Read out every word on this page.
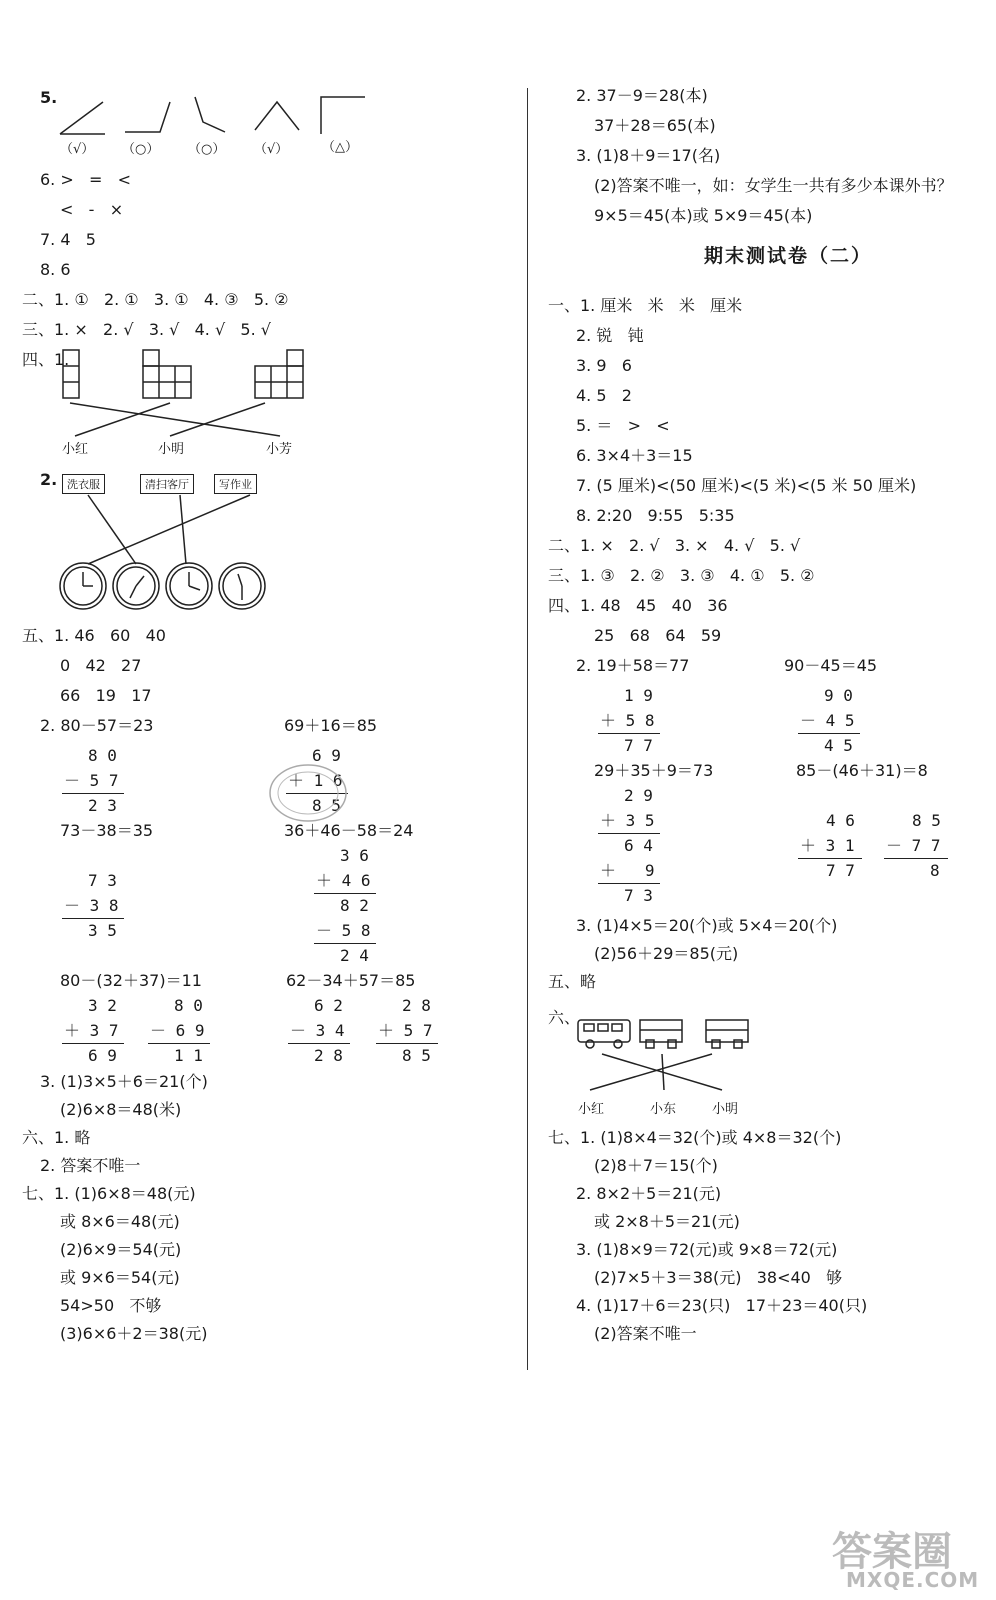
5.
（√） （○） （○） （√）	（△）
6. >   =   <
<   -   ×
7. 4   5
8. 6
二、1. ①   2. ①   3. ①   4. ③   5. ②
三、1. ×   2. √   3. √   4. √   5. √
四、1.
小红	小明	小芳
2. 洗衣服	清扫客厅	写作业
五、1. 46   60   40
0   42   27
66   19   17
2. 80－57＝23	69＋16＝85
8 0
－ 5 7
2 3
6 9
＋ 1 6
8 5
73－38＝35	36＋46－58＝24
7 3
－ 3 8
3 5
3 6
＋ 4 6
8 2
－ 5 8
2 4
80－(32＋37)＝11	62－34＋57＝85
3 2
＋ 3 7
6 9
8 0
－ 6 9
1 1
6 2
－ 3 4
2 8
2 8
＋ 5 7
8 5
3. (1)3×5＋6＝21(个)
(2)6×8＝48(米)
六、1. 略
2. 答案不唯一
七、1. (1)6×8＝48(元)
或 8×6＝48(元)
(2)6×9＝54(元)
或 9×6＝54(元)
54>50   不够
(3)6×6＋2＝38(元)
2. 37－9＝28(本)
37＋28＝65(本)
3. (1)8＋9＝17(名)
(2)答案不唯一，如：女学生一共有多少本课外书？
9×5＝45(本)或 5×9＝45(本)
期末测试卷（二）
一、1. 厘米   米   米   厘米
2. 锐   钝
3. 9   6
4. 5   2
5. ＝   >   <
6. 3×4＋3＝15
7. (5 厘米)<(50 厘米)<(5 米)<(5 米 50 厘米)
8. 2:20   9:55   5:35
二、1. ×   2. √   3. ×   4. √   5. √
三、1. ③   2. ②   3. ③   4. ①   5. ②
四、1. 48   45   40   36
25   68   64   59
2. 19＋58＝77	90－45＝45
1 9
＋ 5 8
7 7
9 0
－ 4 5
4 5
29＋35＋9＝73	85－(46＋31)＝8
2 9
＋ 3 5
6 4
＋   9
7 3
4 6
＋ 3 1
7 7
8 5
－ 7 7
8
3. (1)4×5＝20(个)或 5×4＝20(个)
(2)56＋29＝85(元)
五、略
六、
小红	小东	小明
七、1. (1)8×4＝32(个)或 4×8＝32(个)
(2)8＋7＝15(个)
2. 8×2＋5＝21(元)
或 2×8＋5＝21(元)
3. (1)8×9＝72(元)或 9×8＝72(元)
(2)7×5＋3＝38(元)   38<40   够
4. (1)17＋6＝23(只)   17＋23＝40(只)
(2)答案不唯一
答案圈
MXQE.COM
